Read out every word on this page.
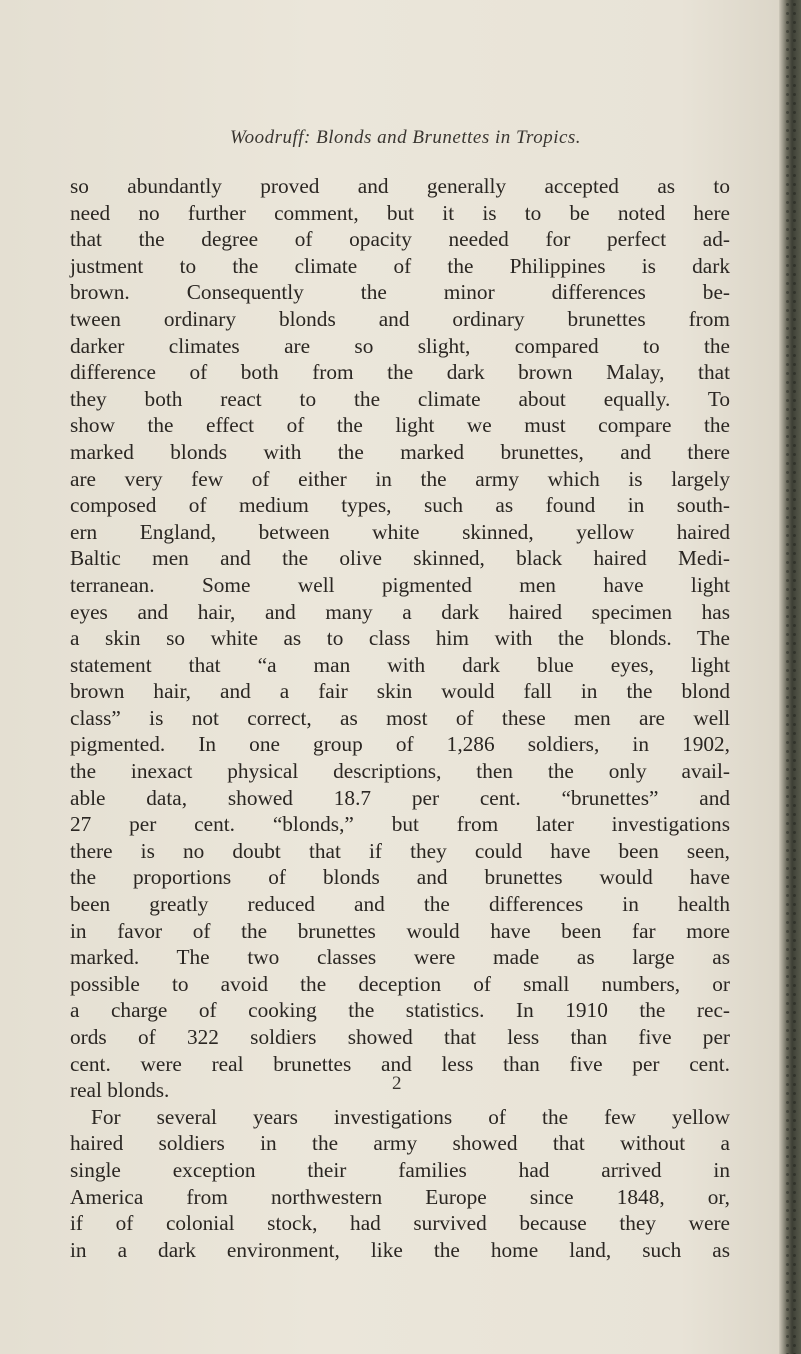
Woodruff: Blonds and Brunettes in Tropics.
so abundantly proved and generally accepted as to
need no further comment, but it is to be noted here
that the degree of opacity needed for perfect ad-
justment to the climate of the Philippines is dark
brown. Consequently the minor differences be-
tween ordinary blonds and ordinary brunettes from
darker climates are so slight, compared to the
difference of both from the dark brown Malay, that
they both react to the climate about equally. To
show the effect of the light we must compare the
marked blonds with the marked brunettes, and there
are very few of either in the army which is largely
composed of medium types, such as found in south-
ern England, between white skinned, yellow haired
Baltic men and the olive skinned, black haired Medi-
terranean. Some well pigmented men have light
eyes and hair, and many a dark haired specimen has
a skin so white as to class him with the blonds. The
statement that “a man with dark blue eyes, light
brown hair, and a fair skin would fall in the blond
class” is not correct, as most of these men are well
pigmented. In one group of 1,286 soldiers, in 1902,
the inexact physical descriptions, then the only avail-
able data, showed 18.7 per cent. “brunettes” and
27 per cent. “blonds,” but from later investigations
there is no doubt that if they could have been seen,
the proportions of blonds and brunettes would have
been greatly reduced and the differences in health
in favor of the brunettes would have been far more
marked. The two classes were made as large as
possible to avoid the deception of small numbers, or
a charge of cooking the statistics. In 1910 the rec-
ords of 322 soldiers showed that less than five per
cent. were real brunettes and less than five per cent.
real blonds.
For several years investigations of the few yellow
haired soldiers in the army showed that without a
single exception their families had arrived in
America from northwestern Europe since 1848, or,
if of colonial stock, had survived because they were
in a dark environment, like the home land, such as
2
